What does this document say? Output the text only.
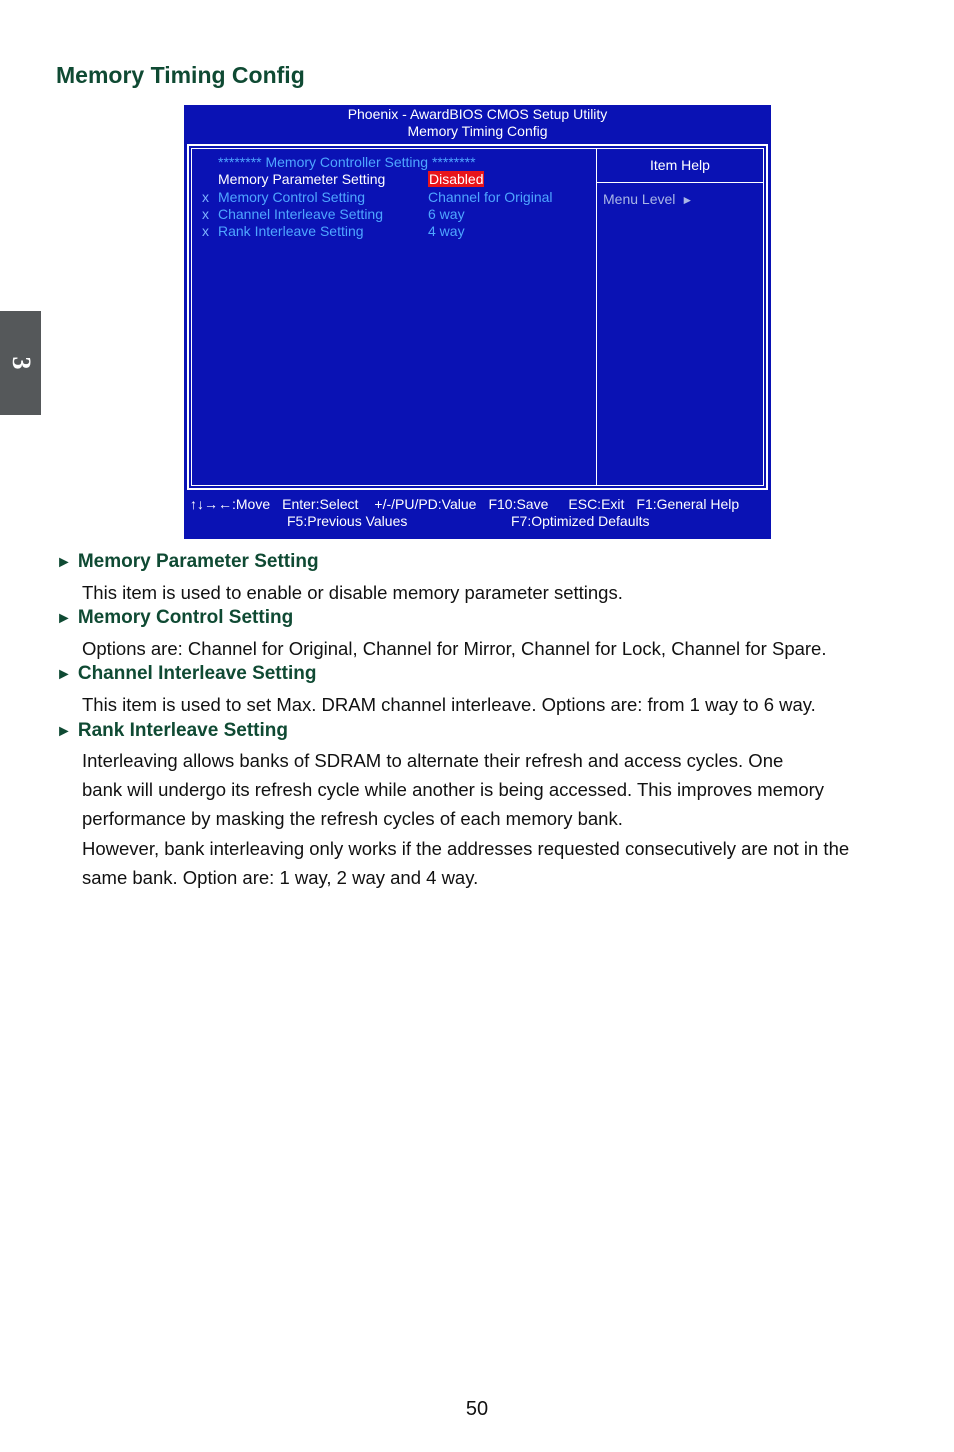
Memory Timing Config
3
Phoenix - AwardBIOS CMOS Setup Utility
Memory Timing Config
******** Memory Controller Setting ********
Memory Parameter Setting	Disabled
x Memory Control Setting	Channel for Original
x Channel Interleave Setting	6 way
x Rank Interleave Setting	4 way
Item Help
Menu Level ►
↑↓→←:Move Enter:Select +/-/PU/PD:Value F10:Save ESC:Exit F1:General Help
F5:Previous Values	F7:Optimized Defaults
► Memory Parameter Setting

This item is used to enable or disable memory parameter settings.

► Memory Control Setting

Options are: Channel for Original, Channel for Mirror, Channel for Lock, Channel for Spare.

► Channel Interleave Setting

This item is used to set Max. DRAM channel interleave. Options are: from 1 way to 6 way.

► Rank Interleave Setting

Interleaving allows banks of SDRAM to alternate their refresh and access cycles. One

bank will undergo its refresh cycle while another is being accessed. This improves memory

performance by masking the refresh cycles of each memory bank.

However, bank interleaving only works if the addresses requested consecutively are not in the

same bank. Option are: 1 way, 2 way and 4 way.

50
